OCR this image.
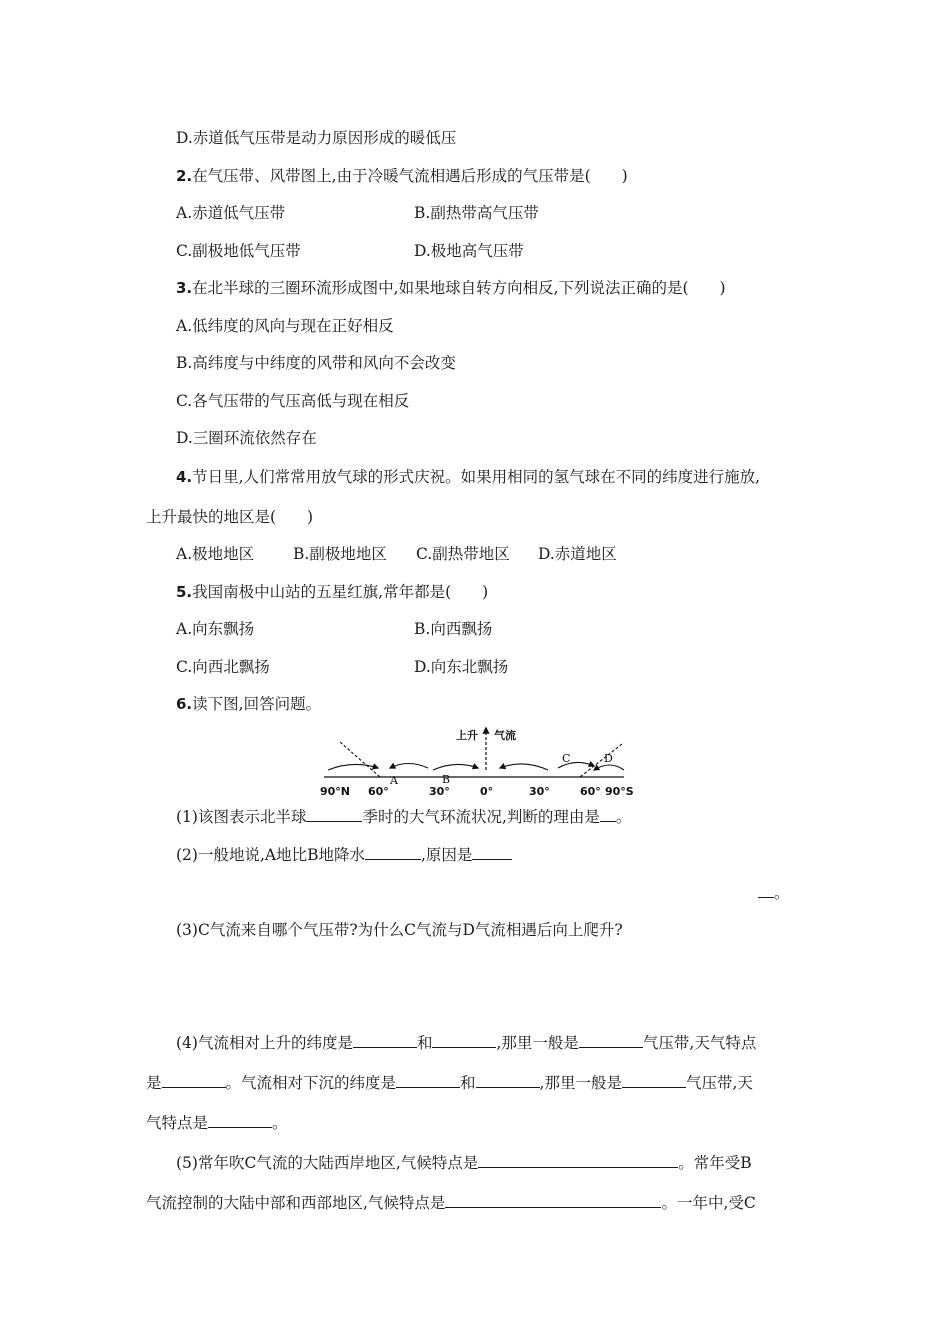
D.赤道低气压带是动力原因形成的暖低压
2.在气压带、风带图上,由于冷暖气流相遇后形成的气压带是(　　)
A.赤道低气压带	B.副热带高气压带
C.副极地低气压带	D.极地高气压带
3.在北半球的三圈环流形成图中,如果地球自转方向相反,下列说法正确的是(　　)
A.低纬度的风向与现在正好相反
B.高纬度与中纬度的风带和风向不会改变
C.各气压带的气压高低与现在相反
D.三圈环流依然存在
4.节日里,人们常常用放气球的形式庆祝。如果用相同的氢气球在不同的纬度进行施放,
上升最快的地区是(　　)
A.极地地区	B.副极地地区 C.副热带地区 D.赤道地区
5.我国南极中山站的五星红旗,常年都是(　　)
A.向东飘扬	B.向西飘扬
C.向西北飘扬	D.向东北飘扬
6.读下图,回答问题。
上升 气流
A	B
C	D
90°N 60°	30°	0°	30°	60° 90°S
(1)该图表示北半球	季时的大气环流状况,判断的理由是 。
(2)一般地说,A地比B地降水	,原因是
。
(3)C气流来自哪个气压带?为什么C气流与D气流相遇后向上爬升?
(4)气流相对上升的纬度是	和	,那里一般是	气压带,天气特点
是	。气流相对下沉的纬度是	和	,那里一般是	气压带,天
气特点是	。
(5)常年吹C气流的大陆西岸地区,气候特点是	。常年受B
气流控制的大陆中部和西部地区,气候特点是	。一年中,受C
